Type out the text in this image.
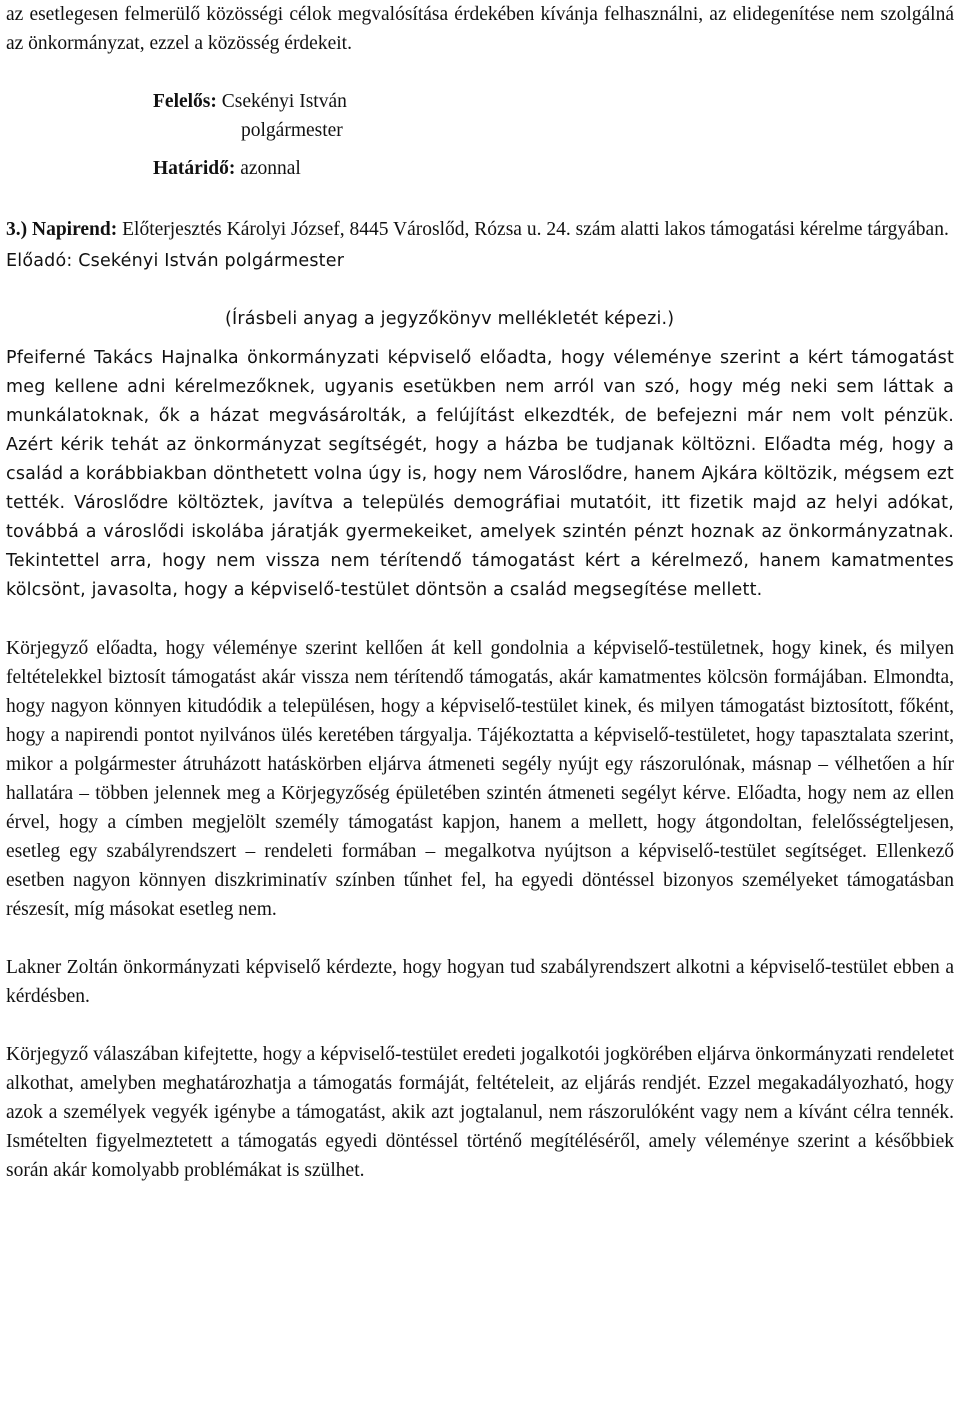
az esetlegesen felmerülő közösségi célok megvalósítása érdekében kívánja felhasználni, az elidegenítése nem szolgálná az önkormányzat, ezzel a közösség érdekeit.

Felelős: Csekényi István
polgármester
Határidő: azonnal

3.) Napirend: Előterjesztés Károlyi József, 8445 Városlőd, Rózsa u. 24. szám alatti lakos támogatási kérelme tárgyában.

Előadó: Csekényi István polgármester

(Írásbeli anyag a jegyzőkönyv mellékletét képezi.)

Pfeiferné Takács Hajnalka önkormányzati képviselő előadta, hogy véleménye szerint a kért támogatást meg kellene adni kérelmezőknek, ugyanis esetükben nem arról van szó, hogy még neki sem láttak a munkálatoknak, ők a házat megvásárolták, a felújítást elkezdték, de befejezni már nem volt pénzük. Azért kérik tehát az önkormányzat segítségét, hogy a házba be tudjanak költözni. Előadta még, hogy a család a korábbiakban dönthetett volna úgy is, hogy nem Városlődre, hanem Ajkára költözik, mégsem ezt tették. Városlődre költöztek, javítva a település demográfiai mutatóit, itt fizetik majd az helyi adókat, továbbá a városlődi iskolába járatják gyermekeiket, amelyek szintén pénzt hoznak az önkormányzatnak. Tekintettel arra, hogy nem vissza nem térítendő támogatást kért a kérelmező, hanem kamatmentes kölcsönt, javasolta, hogy a képviselő-testület döntsön a család megsegítése mellett.

Körjegyző előadta, hogy véleménye szerint kellően át kell gondolnia a képviselő-testületnek, hogy kinek, és milyen feltételekkel biztosít támogatást akár vissza nem térítendő támogatás, akár kamatmentes kölcsön formájában. Elmondta, hogy nagyon könnyen kitudódik a településen, hogy a képviselő-testület kinek, és milyen támogatást biztosított, főként, hogy a napirendi pontot nyilvános ülés keretében tárgyalja. Tájékoztatta a képviselő-testületet, hogy tapasztalata szerint, mikor a polgármester átruházott hatáskörben eljárva átmeneti segély nyújt egy rászorulónak, másnap – vélhetően a hír hallatára – többen jelennek meg a Körjegyzőség épületében szintén átmeneti segélyt kérve. Előadta, hogy nem az ellen érvel, hogy a címben megjelölt személy támogatást kapjon, hanem a mellett, hogy átgondoltan, felelősségteljesen, esetleg egy szabályrendszert – rendeleti formában – megalkotva nyújtson a képviselő-testület segítséget. Ellenkező esetben nagyon könnyen diszkriminatív színben tűnhet fel, ha egyedi döntéssel bizonyos személyeket támogatásban részesít, míg másokat esetleg nem.

Lakner Zoltán önkormányzati képviselő kérdezte, hogy hogyan tud szabályrendszert alkotni a képviselő-testület ebben a kérdésben.

Körjegyző válaszában kifejtette, hogy a képviselő-testület eredeti jogalkotói jogkörében eljárva önkormányzati rendeletet alkothat, amelyben meghatározhatja a támogatás formáját, feltételeit, az eljárás rendjét. Ezzel megakadályozható, hogy azok a személyek vegyék igénybe a támogatást, akik azt jogtalanul, nem rászorulóként vagy nem a kívánt célra tennék. Ismételten figyelmeztetett a támogatás egyedi döntéssel történő megítéléséről, amely véleménye szerint a későbbiek során akár komolyabb problémákat is szülhet.
